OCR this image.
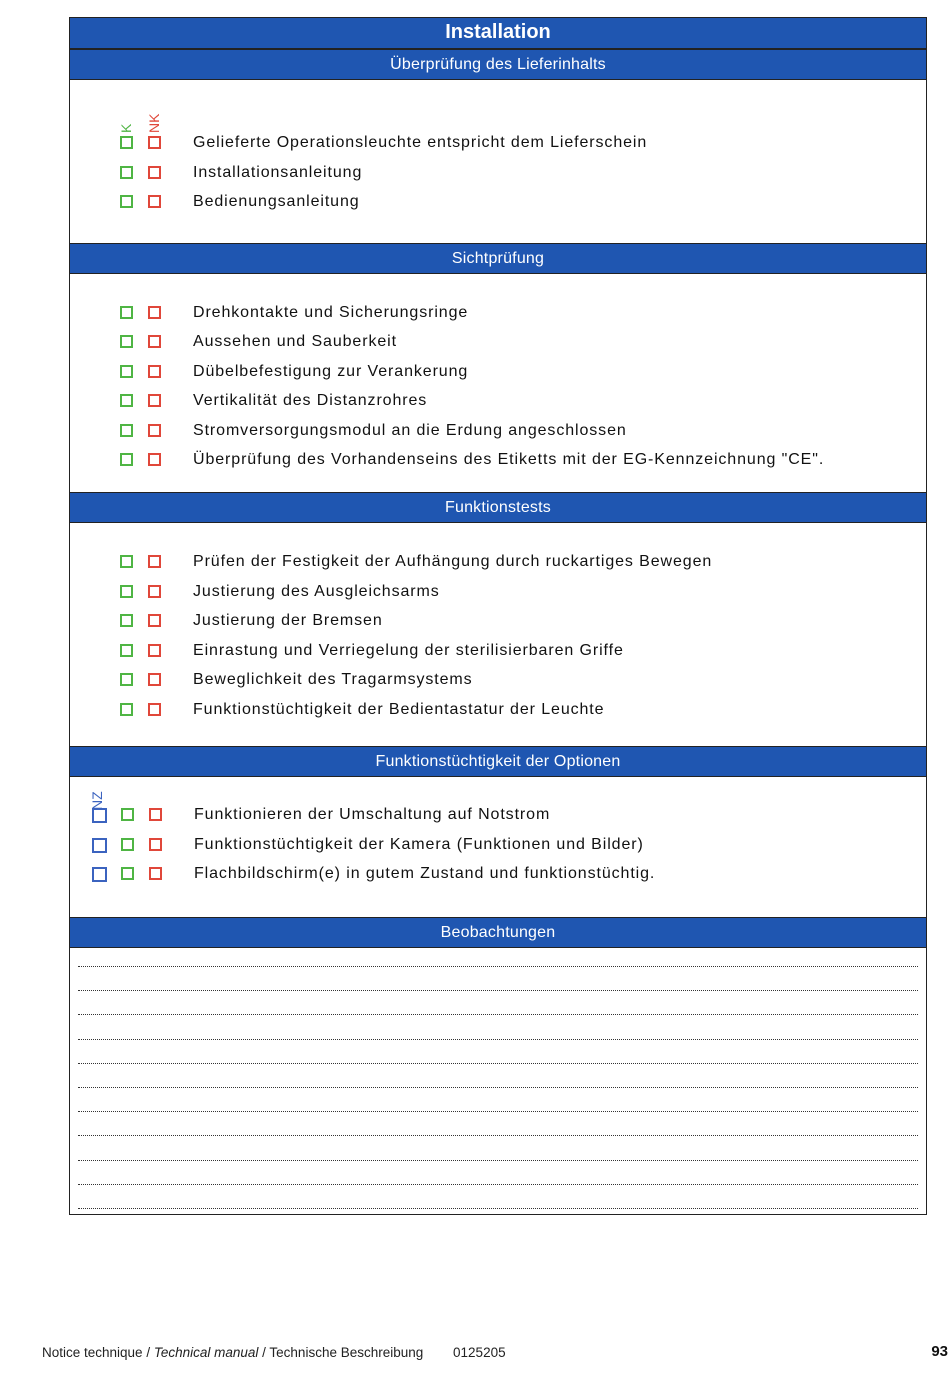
Installation
Überprüfung des Lieferinhalts
K NK
Gelieferte Operationsleuchte entspricht dem Lieferschein
Installationsanleitung
Bedienungsanleitung
Sichtprüfung
Drehkontakte und Sicherungsringe
Aussehen und Sauberkeit
Dübelbefestigung zur Verankerung
Vertikalität des Distanzrohres
Stromversorgungsmodul an die Erdung angeschlossen
Überprüfung des Vorhandenseins des Etiketts mit der EG-Kennzeichnung "CE".
Funktionstests
Prüfen der Festigkeit der Aufhängung durch ruckartiges Bewegen
Justierung des Ausgleichsarms
Justierung der Bremsen
Einrastung und Verriegelung der sterilisierbaren Griffe
Beweglichkeit des Tragarmsystems
Funktionstüchtigkeit der Bedientastatur der Leuchte
Funktionstüchtigkeit der Optionen
NZ
Funktionieren der Umschaltung auf Notstrom
Funktionstüchtigkeit der Kamera (Funktionen und Bilder)
Flachbildschirm(e) in gutem Zustand und funktionstüchtig.
Beobachtungen
Notice technique / Technical manual / Technische Beschreibung 0125205	93
